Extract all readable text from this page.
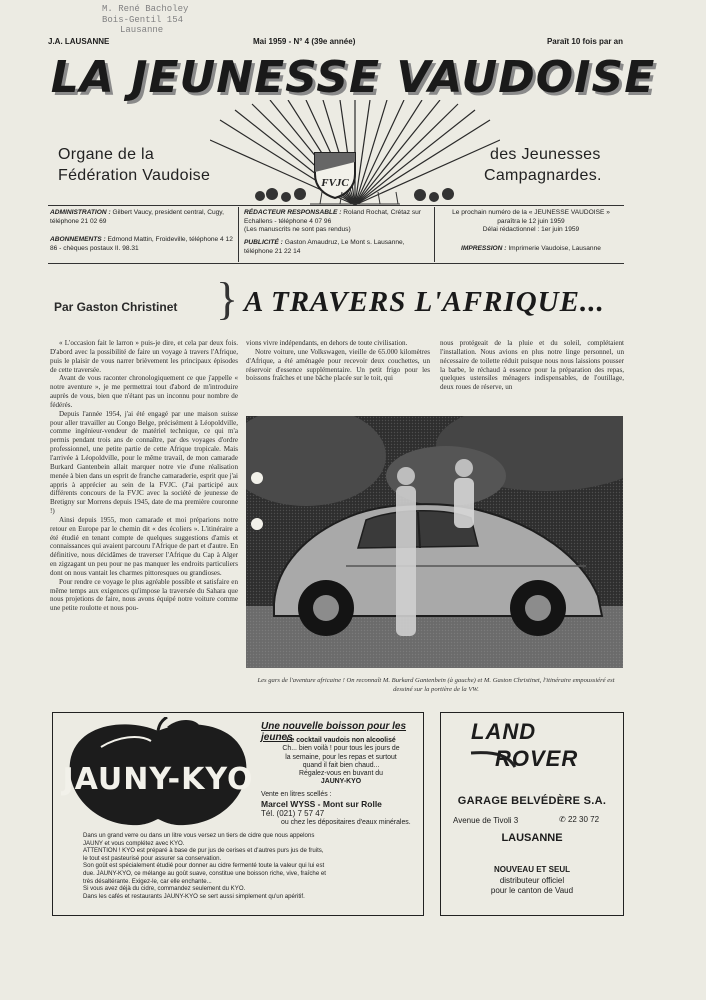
M. René Bacholey
Bois-Gentil 154
Lausanne
J.A. LAUSANNE	Mai 1959 - N° 4 (39e année)	Paraît 10 fois par an
LA JEUNESSE VAUDOISE
FVJC
Organe de la
Fédération Vaudoise
des Jeunesses
Campagnardes.
ADMINISTRATION : Gilbert Vaucy, president central, Cugy, téléphone 21 02 69
ABONNEMENTS : Edmond Mattin, Froideville, téléphone 4 12 86 - chèques postaux II. 98.31
RÉDACTEUR RESPONSABLE : Roland Rochat, Crétaz sur Echallens - téléphone 4 07 96
(Les manuscrits ne sont pas rendus)
PUBLICITÉ : Gaston Amaudruz, Le Mont s. Lausanne, téléphone 21 22 14
Le prochain numéro de la « JEUNESSE VAUDOISE » paraîtra le 12 juin 1959
Délai rédactionnel : 1er juin 1959
IMPRESSION : Imprimerie Vaudoise, Lausanne
Par Gaston Christinet } A TRAVERS L'AFRIQUE...

« L'occasion fait le larron » puis-je dire, et cela par deux fois. D'abord avec la possibilité de faire un voyage à travers l'Afrique, puis le plaisir de vous narrer brièvement les principaux épisodes de cette traversée.

Avant de vous raconter chronologiquement ce que j'appelle « notre aventure », je me permettrai tout d'abord de m'introduire auprès de vous, bien que n'étant pas un inconnu pour nombre de fédérés.

Depuis l'année 1954, j'ai été engagé par une maison suisse pour aller travailler au Congo Belge, précisément à Léopoldville, comme ingénieur-vendeur de matériel technique, ce qui m'a permis pendant trois ans de connaître, par des voyages d'ordre professionnel, une petite partie de cette Afrique tropicale. Mais l'arrivée à Léopoldville, pour le même travail, de mon camarade Burkard Gantenbein allait marquer notre vie d'une réalisation menée à bien dans un esprit de franche camaraderie, esprit que j'ai appris à apprécier au sein de la FVJC. (J'ai participé aux différents concours de la FVJC avec la société de jeunesse de Bretigny sur Morrens depuis 1945, date de ma première couronne !)

Ainsi depuis 1955, mon camarade et moi préparions notre retour en Europe par le chemin dit « des écoliers ». L'itinéraire a été étudié en tenant compte de quelques suggestions d'amis et connaissances qui avaient parcouru l'Afrique de part et d'autre. En définitive, nous décidâmes de traverser l'Afrique du Cap à Alger en zigzagant un peu pour ne pas manquer les endroits particuliers dont on nous vantait les charmes pittoresques ou grandioses.

Pour rendre ce voyage le plus agréable possible et satisfaire en même temps aux exigences qu'impose la traversée du Sahara que nous projetions de faire, nous avons équipé notre voiture comme une petite roulotte et nous pou-

vions vivre indépendants, en dehors de toute civilisation.

Notre voiture, une Volkswagen, vieille de 65.000 kilomètres d'Afrique, a été aménagée pour recevoir deux couchettes, un réservoir d'essence supplémentaire. Un petit frigo pour les boissons fraîches et une bâche placée sur le toit, qui

nous protégeait de la pluie et du soleil, complétaient l'installation. Nous avions en plus notre linge personnel, un nécessaire de toilette réduit puisque nous nous laissions pousser la barbe, le réchaud à essence pour la préparation des repas, quelques ustensiles ménagers indispensables, de l'outillage, deux roues de réserve, un

Les gars de l'aventure africaine ! On reconnaît M. Burkard Gantenbein (à gauche) et M. Gaston Christinet, l'itinéraire empoussiéré est dessiné sur la portière de la VW.
JAUNY-KYO
Une nouvelle boisson pour les jeunes
Le cocktail vaudois non alcoolisé
Ch... bien voilà ! pour tous les jours de
la semaine, pour les repas et surtout
quand il fait bien chaud...
Régalez-vous en buvant du
JAUNY-KYO
Vente en litres scellés :
Marcel WYSS - Mont sur Rolle
Tél. (021) 7 57 47
ou chez les dépositaires d'eaux minérales.
Dans un grand verre ou dans un litre vous versez un tiers de cidre que nous appelons
JAUNY et vous complétez avec KYO.
ATTENTION ! KYO est préparé à base de pur jus de cerises et d'autres purs jus de fruits,
le tout est pasteurisé pour assurer sa conservation.
Son goût est spécialement étudié pour donner au cidre fermenté toute la valeur qui lui est
due. JAUNY-KYO, ce mélange au goût suave, constitue une boisson riche, vive, fraîche et
très désaltérante. Exigez-le, car elle enchante...
Si vous avez déjà du cidre, commandez seulement du KYO.
Dans les cafés et restaurants JAUNY-KYO se sert aussi simplement qu'un apéritif.
LAND
ROVER
GARAGE BELVÉDÈRE S.A.
Avenue de Tivoli 3	✆ 22 30 72
LAUSANNE
NOUVEAU ET SEUL
distributeur officiel
pour le canton de Vaud
